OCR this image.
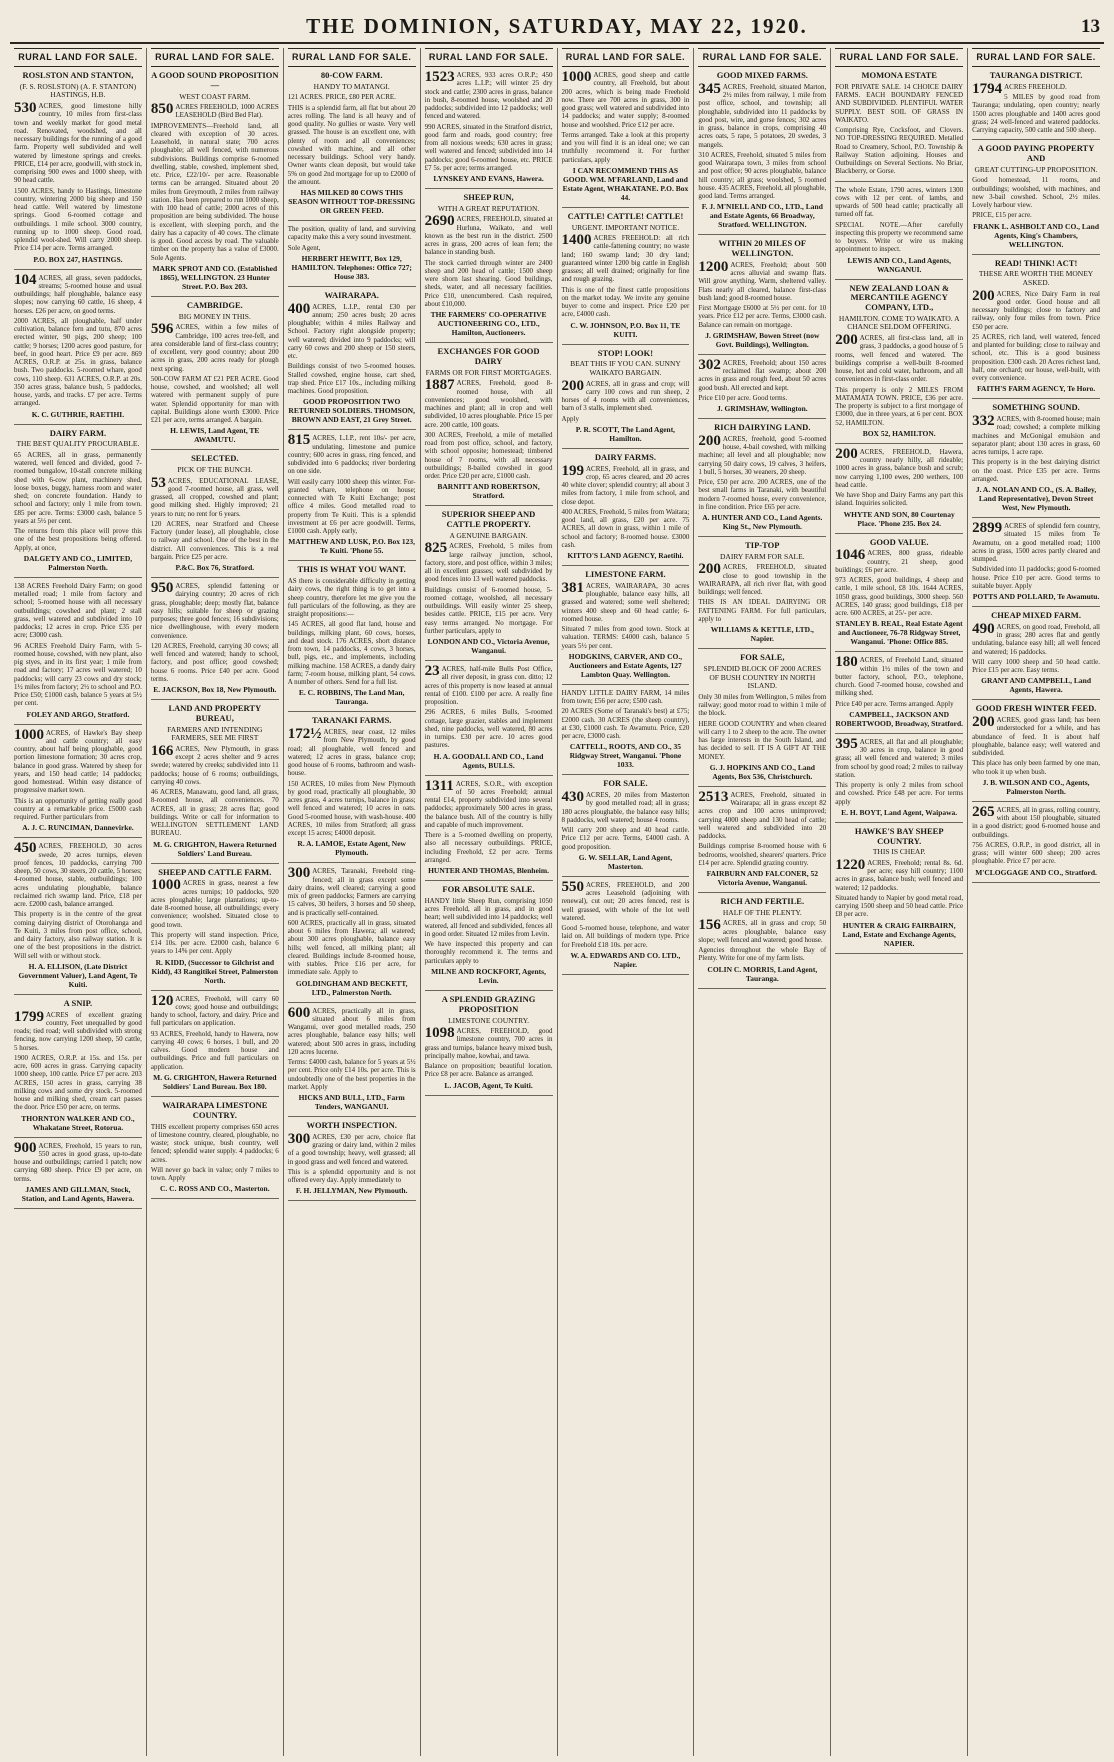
THE DOMINION, SATURDAY, MAY 22, 1920.	13
RURAL LAND FOR SALE.
ROSLSTON AND STANTON,
(F. S. ROSLSTON) (A. F. STANTON) HASTINGS, H.B.
530 ACRES, good limestone hilly country, 10 miles from first-class town and weekly market for good metal road. Renovated, woodshed, and all necessary buildings for the running of a good farm. Property well subdivided and well watered by limestone springs and creeks. PRICE, £14 per acre, goodwill, with stock in, comprising 900 ewes and 1000 sheep, with 90 head cattle.
1500 ACRES, handy to Hastings, limestone country, wintering 2000 big sheep and 150 head cattle. Well watered by limestone springs. Good 6-roomed cottage and outbuildings. 1 mile school. 3000 country, running up to 1000 sheep. Good road, splendid wool-shed. Will carry 2000 sheep. Price £14 per acre. Terms arranged.
P.O. BOX 247, HASTINGS.
104 ACRES, all grass, seven paddocks, streams; 5-roomed house and usual outbuildings; half ploughable, balance easy slopes; now carrying 60 cattle, 16 sheep, 4 horses. £26 per acre, on good terms.
2000 ACRES, all ploughable, half under cultivation, balance fern and tutu, 870 acres erected winter, 90 pigs, 200 sheep; 100 cattle; 9 horses; 1200 acres good pasture, for beef, in good heart. Price £9 per acre. 869 ACRES, O.R.P. at 25s. in grass, balance bush. Two paddocks. 5-roomed whare, good cows, 110 sheep. 631 ACRES, O.R.P. at 20s. 350 acres grass, balance bush, 5 paddocks, house, yards, and tracks. £7 per acre. Terms arranged.
K. C. GUTHRIE, RAETIHI.
DAIRY FARM.
THE BEST QUALITY PROCURABLE.
65 ACRES, all in grass, permanently watered, well fenced and divided, good 7-roomed bungalow, 10-stall concrete milking shed with 6-cow plant, machinery shed, loose boxes, buggy, harness room and water shed; on concrete foundation. Handy to school and factory; only 1 mile from town. £85 per acre. Terms: £3000 cash, balance 5 years at 5½ per cent.
The returns from this place will prove this one of the best propositions being offered. Apply, at once,
DALGETY AND CO., LIMITED, Palmerston North.
138 ACRES Freehold Dairy Farm; on good metalled road; 1 mile from factory and school; 5-roomed house with all necessary outbuildings; cowshed and plant; 2 stall grass, well watered and subdivided into 10 paddocks; 12 acres in crop. Price £35 per acre; £3000 cash.
96 ACRES Freehold Dairy Farm, with 5-roomed house, cowshed, with new plant, also pig styes, and in its first year; 1 mile from road and factory; 17 acres well watered; 10 paddocks; will carry 23 cows and dry stock; 1½ miles from factory; 2½ to school and P.O. Price £50; £1000 cash, balance 5 years at 5½ per cent.
FOLEY AND ARGO, Stratford.
1000 ACRES, of Hawke's Bay sheep and cattle country; all easy country, about half being ploughable, good portion limestone formation; 30 acres crop, balance in good grass. Watered by sheep for years, and 150 head cattle; 14 paddocks; good homestead. Within easy distance of progressive market town.
This is an opportunity of getting really good country at a remarkable price. £5000 cash required. Further particulars from
A. J. C. RUNCIMAN, Dannevirke.
450 ACRES, FREEHOLD, 30 acres swede, 20 acres turnips, eleven proof fences, 10 paddocks, carrying 700 sheep, 50 cows, 30 steers, 20 cattle, 5 horses; 4-roomed house, stable, outbuildings; 100 acres undulating ploughable, balance reclaimed rich swamp land. Price, £18 per acre. £2000 cash, balance arranged.
This property is in the centre of the great coming dairying district of Otorohanga and Te Kuiti, 3 miles from post office, school, and dairy factory, also railway station. It is one of the best propositions in the district. Will sell with or without stock.
H. A. ELLISON, (Late District Government Valuer), Land Agent, Te Kuiti.
A SNIP.
1799 ACRES of excellent grazing country, Feet unequalled by good roads; tied road; well subdivided with strong fencing, now carrying 1200 sheep, 50 cattle, 5 horses.
1900 ACRES, O.R.P. at 15s. and 15s. per acre, 600 acres in grass. Carrying capacity 1000 sheep, 100 cattle. Price £7 per acre. 203 ACRES, 150 acres in grass, carrying 38 milking cows and some dry stock. 5-roomed house and milking shed, cream cart passes the door. Price £50 per acre, on terms.
THORNTON WALKER AND CO., Whakatane Street, Rotorua.
900 ACRES, Freehold, 15 years to run, 550 acres in good grass, up-to-date house and outbuildings; carried 1 patch; now carrying 680 sheep. Price £9 per acre, on terms.
JAMES AND GILLMAN, Stock, Station, and Land Agents, Hawera.
RURAL LAND FOR SALE.
A GOOD SOUND PROPOSITION—
WEST COAST FARM.
850 ACRES FREEHOLD, 1000 ACRES LEASEHOLD (Bird Bed Flat).
IMPROVEMENTS—Freehold land, all cleared with exception of 30 acres. Leasehold, in natural state; 700 acres ploughable; all well fenced, with numerous subdivisions. Buildings comprise 6-roomed dwelling, stable, cowshed, implement shed, etc. Price, £22/10/- per acre. Reasonable terms can be arranged. Situated about 20 miles from Greymouth, 2 miles from railway station. Has been prepared to run 1000 sheep, with 100 head of cattle; 2000 acres of this proposition are being subdivided. The house is excellent, with sleeping porch, and the dairy has a capacity of 40 cows. The climate is good. Good access by road. The valuable timber on the property has a value of £3000. Sole Agents.
MARK SPROT AND CO. (Established 1865), WELLINGTON. 23 Hunter Street. P.O. Box 203.
CAMBRIDGE.
BIG MONEY IN THIS.
596 ACRES, within a few miles of Cambridge, 100 acres tree-fell, and area considerable land of first-class country; of excellent, very good country; about 200 acres in grass, 200 acres ready for plough next spring.
500-COW FARM AT £21 PER ACRE. Good house, cowshed, and woolshed; all well watered with permanent supply of pure water. Splendid opportunity for man with capital. Buildings alone worth £3000. Price £21 per acre, terms arranged. A bargain.
H. LEWIS, Land Agent, TE AWAMUTU.
SELECTED.
PICK OF THE BUNCH.
53 ACRES, EDUCATIONAL LEASE, good 7-roomed house, all grass, well grassed, all cropped, cowshed and plant; good milking shed. Highly improved; 21 years to run; no rent for 6 years.
120 ACRES, near Stratford and Cheese Factory (under lease), all ploughable, close to railway and school. One of the best in the district. All conveniences. This is a real bargain. Price £25 per acre.
P.&C. Box 76, Stratford.
950 ACRES, splendid fattening or dairying country; 20 acres of rich grass, ploughable; deep; mostly flat, balance easy hills; suitable for sheep or grazing purposes; three good fences; 16 subdivisions; nice dwellinghouse, with every modern convenience.
120 ACRES, Freehold, carrying 30 cows; all well fenced and watered; handy to school, factory, and post office; good cowshed; house 6 rooms. Price £40 per acre. Good terms.
E. JACKSON, Box 18, New Plymouth.
LAND AND PROPERTY BUREAU,
FARMERS AND INTENDING FARMERS, SEE ME FIRST
166 ACRES, New Plymouth, in grass except 2 acres shelter and 9 acres swede; watered by creeks; subdivided into 11 paddocks; house of 6 rooms; outbuildings, carrying 40 cows.
46 ACRES, Manawatu, good land, all grass, 8-roomed house, all conveniences. 70 ACRES, all in grass; 28 acres flat; good buildings. Write or call for information to WELLINGTON SETTLEMENT LAND BUREAU.
M. G. CRIGHTON, Hawera Returned Soldiers' Land Bureau.
SHEEP AND CATTLE FARM.
1000 ACRES in grass, nearest a few acres turnips; 10 paddocks, 920 acres ploughable; large plantations; up-to-date 8-roomed house, all outbuildings; every convenience; woolshed. Situated close to good town.
This property will stand inspection. Price, £14 10s. per acre. £2000 cash, balance 6 years to 14% per cent. Apply
R. KIDD, (Successor to Gilchrist and Kidd), 43 Rangitikei Street, Palmerston North.
120 ACRES, Freehold, will carry 60 cows; good house and outbuildings; handy to school, factory, and dairy. Price and full particulars on application.
93 ACRES, Freehold, handy to Hawera, now carrying 40 cows; 6 horses, 1 bull, and 20 calves. Good modern house and outbuildings. Price and full particulars on application.
M. G. CRIGHTON, Hawera Returned Soldiers' Land Bureau. Box 180.
WAIRARAPA LIMESTONE COUNTRY.
THIS excellent property comprises 650 acres of limestone country, cleared, ploughable, no waste; stock unique, bush country, well fenced; splendid water supply. 4 paddocks; 6 acres.
Will never go back in value; only 7 miles to town. Apply
C. C. ROSS AND CO., Masterton.
RURAL LAND FOR SALE.
80-COW FARM.
HANDY TO MATANGI.
121 ACRES. PRICE, £80 PER ACRE.
THIS is a splendid farm, all flat but about 20 acres rolling. The land is all heavy and of good quality. No gullies or waste. Very well grassed. The house is an excellent one, with plenty of room and all conveniences; cowshed with machine, and all other necessary buildings. School very handy. Owner wants clean deposit, but would take 5% on good 2nd mortgage for up to £2000 of the amount.
HAS MILKED 80 COWS THIS SEASON WITHOUT TOP-DRESSING OR GREEN FEED.
The position, quality of land, and surviving capacity make this a very sound investment.
Sole Agent,
HERBERT HEWITT, Box 129, HAMILTON. Telephones: Office 727; House 383.
WAIRARAPA.
400 ACRES, L.I.P., rental £30 per annum; 250 acres bush; 20 acres ploughable; within 4 miles Railway and School. Factory right alongside property; well watered; divided into 9 paddocks; will carry 60 cows and 200 sheep or 150 steers, etc.
Buildings consist of two 5-roomed houses. Stalled cowshed, engine house, cart shed, trap shed. Price £17 10s., including milking machines. Good proposition.
GOOD PROPOSITION TWO RETURNED SOLDIERS. THOMSON, BROWN AND EAST, 21 Grey Street.
815 ACRES, L.I.P., rent 10s/- per acre, undulating, limestone and pumice country; 600 acres in grass, ring fenced, and subdivided into 6 paddocks; river bordering on one side.
Will easily carry 1000 sheep this winter. For-granted whare, telephone on house; connected with Te Kuiti Exchange; post office 4 miles. Good metalled road to property from Te Kuiti. This is a splendid investment at £6 per acre goodwill. Terms, £1000 cash. Apply early,
MATTHEW AND LUSK, P.O. Box 123, Te Kuiti. 'Phone 55.
THIS IS WHAT YOU WANT.
AS there is considerable difficulty in getting dairy cows, the right thing is to get into a sheep country, therefore let me give you the full particulars of the following, as they are straight propositions:—
145 ACRES, all good flat land, house and buildings, milking plant, 60 cows, horses, and dead stock. 176 ACRES, short distance from town, 14 paddocks, 4 cows, 3 horses, bull, pigs, etc., and implements, including milking machine. 158 ACRES, a dandy dairy farm; 7-room house, milking plant, 54 cows. A number of others. Send for a full list.
E. C. ROBBINS, The Land Man, Tauranga.
TARANAKI FARMS.
172½ ACRES, near coast, 12 miles from New Plymouth, by good road; all ploughable, well fenced and watered; 12 acres in grass, balance crop; good house of 6 rooms, bathroom and wash-house.
150 ACRES, 10 miles from New Plymouth by good road, practically all ploughable, 30 acres grass, 4 acres turnips, balance in grass; well fenced and watered; 10 acres in oats. Good 5-roomed house, with wash-house. 400 ACRES, 10 miles from Stratford; all grass except 15 acres; £4000 deposit.
R. A. LAMOE, Estate Agent, New Plymouth.
300 ACRES, Taranaki, Freehold ring-fenced; all in grass except some dairy drains, well cleared; carrying a good mix of green paddocks; Farmers are carrying 15 calves, 30 heifers, 3 horses and 50 sheep, and is practically self-contained.
600 ACRES, practically all in grass, situated about 6 miles from Hawera; all watered; about 300 acres ploughable, balance easy hills; well fenced, all milking plant; all cleared. Buildings include 8-roomed house, with stables. Price £16 per acre, for immediate sale. Apply to
GOLDINGHAM AND BECKETT, LTD., Palmerston North.
600 ACRES, practically all in grass, situated about 6 miles from Wanganui, over good metalled roads, 250 acres ploughable, balance easy hills; well watered; about 500 acres in grass, including 120 acres lucerne.
Terms: £4000 cash, balance for 5 years at 5½ per cent. Price only £14 10s. per acre. This is undoubtedly one of the best properties in the market. Apply
HICKS AND BULL, LTD., Farm Tenders, WANGANUI.
WORTH INSPECTION.
300 ACRES, £30 per acre, choice flat grazing or dairy land, within 2 miles of a good township; heavy, well grassed; all in good grass and well fenced and watered.
This is a splendid opportunity and is not offered every day. Apply immediately to
F. H. JELLYMAN, New Plymouth.
RURAL LAND FOR SALE.
1523 ACRES, 933 acres O.R.P.; 450 acres L.I.P.; will winter 25 dry stock and cattle; 2300 acres in grass, balance in bush, 8-roomed house, woolshed and 20 paddocks; subdivided into 12 paddocks; well fenced and watered.
990 ACRES, situated in the Stratford district, good farm and roads, good country; free from all noxious weeds; 630 acres in grass; well watered and fenced; subdivided into 14 paddocks; good 6-roomed house, etc. PRICE £7 5s. per acre; terms arranged.
LYNSKEY AND EVANS, Hawera.
SHEEP RUN,
WITH A GREAT REPUTATION.
2690 ACRES, FREEHOLD, situated at Hurluna, Waikato, and well known as the best run in the district. 2500 acres in grass, 200 acres of lean fern; the balance in standing bush.
The stock carried through winter are 2400 sheep and 200 head of cattle; 1500 sheep were shorn last shearing. Good buildings, sheds, water, and all necessary facilities. Price £10, unencumbered. Cash required, about £10,000.
THE FARMERS' CO-OPERATIVE AUCTIONEERING CO., LTD., Hamilton, Auctioneers.
EXCHANGES FOR GOOD DAIRY
FARMS OR FOR FIRST MORTGAGES.
1887 ACRES, Freehold, good 8-roomed house, with all conveniences; good woolshed, with machines and plant; all in crop and well subdivided, 10 acres ploughable. Price 15 per acre. 200 cattle, 100 goats.
300 ACRES, Freehold, a mile of metalled road from post office, school, and factory, with school opposite; homestead; timbered house of 7 rooms, with all necessary outbuildings; 8-bailed cowshed in good order. Price £20 per acre, £1000 cash.
BARNITT AND ROBERTSON, Stratford.
SUPERIOR SHEEP AND CATTLE PROPERTY.
A GENUINE BARGAIN.
825 ACRES, Freehold, 5 miles from large railway junction, school, factory, store, and post office, within 3 miles; all in excellent grasses; well subdivided by good fences into 13 well watered paddocks.
Buildings consist of 6-roomed house, 5-roomed cottage, woolshed, all necessary outbuildings. Will easily winter 25 sheep, besides cattle. PRICE, £15 per acre. Very easy terms arranged. No mortgage. For further particulars, apply to
LONDON AND CO., Victoria Avenue, Wanganui.
23 ACRES, half-mile Bulls Post Office, all river deposit, in grass con. ditto; 12 acres of this property is now leased at annual rental of £100. £100 per acre. A really fine proposition.
296 ACRES, 6 miles Bulls, 5-roomed cottage, large grazier, stables and implement shed, nine paddocks, well watered, 80 acres in turnips. £30 per acre. 10 acres good pastures.
H. A. GOODALL AND CO., Land Agents, BULLS.
1311 ACRES, S.O.R., with exception of 50 acres Freehold; annual rental £14, property subdivided into several paddocks; approximately 500 acres in grass, the balance bush. All of the country is hilly and capable of much improvement.
There is a 5-roomed dwelling on property, also all necessary outbuildings. PRICE, including Freehold, £2 per acre. Terms arranged.
HUNTER AND THOMAS, Blenheim.
FOR ABSOLUTE SALE.
HANDY little Sheep Run, comprising 1050 acres Freehold, all in grass, and in good heart; well subdivided into 14 paddocks; well watered, all fenced and subdivided, fences all in good order. Situated 12 miles from Levin.
We have inspected this property and can thoroughly recommend it. The terms and particulars apply to
MILNE AND ROCKFORT, Agents, Levin.
A SPLENDID GRAZING PROPOSITION
LIMESTONE COUNTRY.
1098 ACRES, FREEHOLD, good limestone country, 700 acres in grass and turnips, balance heavy mixed bush, principally mahoe, kowhai, and tawa.
Balance on proposition; beautiful location. Price £8 per acre. Balance as arranged.
L. JACOB, Agent, Te Kuiti.
RURAL LAND FOR SALE.
1000 ACRES, good sheep and cattle country, all Freehold, but about 200 acres, which is being made Freehold now. There are 700 acres in grass, 300 in good grass; well watered and subdivided into 14 paddocks; and water supply; 8-roomed house and woolshed. Price £12 per acre.
Terms arranged. Take a look at this property and you will find it is an ideal one; we can truthfully recommend it. For further particulars, apply
I CAN RECOMMEND THIS AS GOOD. WM. M'FARLAND, Land and Estate Agent, WHAKATANE. P.O. Box 44.
CATTLE! CATTLE! CATTLE!
URGENT. IMPORTANT NOTICE.
1400 ACRES FREEHOLD: all rich cattle-fattening country; no waste land; 160 swamp land; 30 dry land; guaranteed winter 1200 big cattle in English grasses; all well drained; originally for fine and rough grazing.
This is one of the finest cattle propositions on the market today. We invite any genuine buyer to come and inspect. Price £20 per acre, £4000 cash.
C. W. JOHNSON, P.O. Box 11, TE KUITI.
STOP! LOOK!
BEAT THIS IF YOU CAN. SUNNY WAIKATO BARGAIN.
200 ACRES, all in grass and crop; will carry 100 cows and run sheep, 2 horses of 4 rooms with all conveniences, barn of 3 stalls, implement shed.
Apply
P. R. SCOTT, The Land Agent, Hamilton.
DAIRY FARMS.
199 ACRES, Freehold, all in grass, and crop, 65 acres cleared, and 20 acres 40 white clover; splendid country; all about 3 miles from factory, 1 mile from school, and close depot.
400 ACRES, Freehold, 5 miles from Waitara; good land, all grass, £20 per acre. 75 ACRES, all down in grass, within 1 mile of school and factory; 8-roomed house. £3000 cash.
KITTO'S LAND AGENCY, Raetihi.
LIMESTONE FARM.
381 ACRES, WAIRARAPA, 30 acres ploughable, balance easy hills, all grassed and watered; some well sheltered; winters 400 sheep and 60 head cattle; 6-roomed house.
Situated 7 miles from good town. Stock at valuation. TERMS: £4000 cash, balance 5 years 5½ per cent.
HODGKINS, CARVER, AND CO., Auctioneers and Estate Agents, 127 Lambton Quay. Wellington.
HANDY LITTLE DAIRY FARM, 14 miles from town; £56 per acre; £500 cash.
20 ACRES (Some of Taranaki's best) at £75; £2000 cash. 30 ACRES (the sheep country), at £30, £1000 cash. Te Awamutu. Price, £20 per acre, £3000 cash.
CATTELL, ROOTS, AND CO., 35 Ridgway Street, Wanganui. 'Phone 1033.
FOR SALE.
430 ACRES, 20 miles from Masterton by good metalled road; all in grass; 180 acres ploughable, the balance easy hills; 8 paddocks, well watered; house 4 rooms.
Will carry 200 sheep and 40 head cattle. Price £12 per acre. Terms, £4000 cash. A good proposition.
G. W. SELLAR, Land Agent, Masterton.
550 ACRES, FREEHOLD, and 200 acres Leasehold (adjoining with renewal), cut out; 20 acres fenced, rest is well grassed, with whole of the lot well watered.
Good 5-roomed house, telephone, and water laid on. All buildings of modern type. Price for Freehold £18 10s. per acre.
W. A. EDWARDS AND CO. LTD., Napier.
RURAL LAND FOR SALE.
GOOD MIXED FARMS.
345 ACRES, Freehold, situated Marton, 2½ miles from railway, 1 mile from post office, school, and township; all ploughable, subdivided into 11 paddocks by good post, wire, and gorse fences; 302 acres in grass, balance in crops, comprising 40 acres oats, 5 rape, 5 potatoes, 20 swedes, 3 mangels.
310 ACRES, Freehold, situated 5 miles from good Wairarapa town, 3 miles from school and post office; 90 acres ploughable, balance hill country; all grass; woolshed, 5 roomed house. 435 ACRES, Freehold, all ploughable, good land. Terms arranged.
F. J. M'NIELL AND CO., LTD., Land and Estate Agents, 66 Broadway, Stratford. WELLINGTON.
WITHIN 20 MILES OF WELLINGTON.
1200 ACRES, Freehold; about 500 acres alluvial and swamp flats. Will grow anything. Warm, sheltered valley. Flats nearly all cleared, balance first-class bush land; good 8-roomed house.
First Mortgage £6000 at 5½ per cent. for 10 years. Price £12 per acre. Terms, £3000 cash. Balance can remain on mortgage.
J. GRIMSHAW, Bowen Street (now Govt. Buildings), Wellington.
302 ACRES, Freehold; about 150 acres reclaimed flat swamp; about 200 acres in grass and rough feed, about 50 acres good bush. All erected and kept.
Price £10 per acre. Good terms.
J. GRIMSHAW, Wellington.
RICH DAIRYING LAND.
200 ACRES, freehold, good 5-roomed house, 4-bail cowshed, with milking machine; all level and all ploughable; now carrying 50 dairy cows, 19 calves, 3 heifers, 1 bull, 5 horses, 30 weaners, 20 sheep.
Price, £50 per acre. 200 ACRES, one of the best small farms in Taranaki, with beautiful modern 7-roomed house, every convenience, in fine condition. Price £65 per acre.
A. HUNTER AND CO., Land Agents. King St., New Plymouth.
TIP-TOP
DAIRY FARM FOR SALE.
200 ACRES, FREEHOLD, situated close to good township in the WAIRARAPA, all rich river flat, with good buildings; well fenced.
THIS IS AN IDEAL DAIRYING OR FATTENING FARM. For full particulars, apply to
WILLIAMS & KETTLE, LTD., Napier.
FOR SALE,
SPLENDID BLOCK OF 2000 ACRES OF BUSH COUNTRY IN NORTH ISLAND.
Only 30 miles from Wellington, 5 miles from railway; good motor road to within 1 mile of the block.
HERE GOOD COUNTRY and when cleared will carry 1 to 2 sheep to the acre. The owner has large interests in the South Island, and has decided to sell. IT IS A GIFT AT THE MONEY.
G. J. HOPKINS AND CO., Land Agents, Box 536, Christchurch.
2513 ACRES, Freehold, situated in Wairarapa; all in grass except 82 acres crop and 100 acres unimproved; carrying 4000 sheep and 130 head of cattle; well watered and subdivided into 20 paddocks.
Buildings comprise 8-roomed house with 6 bedrooms, woolshed, shearers' quarters. Price £14 per acre. Splendid grazing country.
FAIRBURN AND FALCONER, 52 Victoria Avenue, Wanganui.
RICH AND FERTILE.
HALF OF THE PLENTY.
156 ACRES, all in grass and crop; 50 acres ploughable, balance easy slope; well fenced and watered; good house.
Agencies throughout the whole Bay of Plenty. Write for one of my farm lists.
COLIN C. MORRIS, Land Agent, Tauranga.
RURAL LAND FOR SALE.
MOMONA ESTATE
FOR PRIVATE SALE. 14 CHOICE DAIRY FARMS. EACH BOUNDARY FENCED AND SUBDIVIDED. PLENTIFUL WATER SUPPLY. BEST SOIL OF GRASS IN WAIKATO.
Comprising Rye, Cocksfoot, and Clovers. NO TOP-DRESSING REQUIRED. Metalled Road to Creamery, School, P.O. Township & Railway Station adjoining. Houses and Outbuildings on Several Sections. No Briar, Blackberry, or Gorse.
The whole Estate, 1790 acres, winters 1300 cows with 12 per cent. of lambs, and upwards of 500 head cattle; practically all turned off fat.
SPECIAL NOTE.—After carefully inspecting this property we recommend same to buyers. Write or wire us making appointment to inspect.
LEWIS AND CO., Land Agents, WANGANUI.
NEW ZEALAND LOAN & MERCANTILE AGENCY COMPANY, LTD.,
HAMILTON. COME TO WAIKATO. A CHANCE SELDOM OFFERING.
200 ACRES, all first-class land, all in grass, 3 paddocks, a good house of 5 rooms, well fenced and watered. The buildings comprise a well-built 8-roomed house, hot and cold water, bathroom, and all conveniences in first-class order.
This property is only 2 MILES FROM MATAMATA TOWN. PRICE, £36 per acre. The property is subject to a first mortgage of £3000, due in three years, at 6 per cent. BOX 52, HAMILTON.
BOX 52, HAMILTON.
200 ACRES, FREEHOLD, Hawera, country nearly hilly, all rideable; 1000 acres in grass, balance bush and scrub; now carrying 1,100 ewes, 200 wethers, 100 head cattle.
We have Shop and Dairy Farms any part this island. Inquiries solicited.
WHYTE AND SON, 80 Courtenay Place. 'Phone 235. Box 24.
GOOD VALUE.
1046 ACRES, 800 grass, rideable country, 21 sheep, good buildings; £6 per acre.
973 ACRES, good buildings, 4 sheep and cattle, 1 mile school, £8 10s. 1644 ACRES, 1050 grass, good buildings, 3000 sheep. 560 ACRES, 140 grass; good buildings, £18 per acre. 600 ACRES, at 25/- per acre.
STANLEY B. REAL, Real Estate Agent and Auctioneer, 76-78 Ridgway Street, Wanganui. 'Phone: Office 885.
180 ACRES, of Freehold Land, situated within 1½ miles of the town and butter factory, school, P.O., telephone, church. Good 7-roomed house, cowshed and milking shed.
Price £40 per acre. Terms arranged. Apply
CAMPBELL, JACKSON AND ROBERTWOOD, Broadway, Stratford.
395 ACRES, all flat and all ploughable; 30 acres in crop, balance in good grass; all well fenced and watered; 3 miles from school by good road; 2 miles to railway station.
This property is only 2 miles from school and cowshed. Price £48 per acre. For terms apply
E. H. BOYT, Land Agent, Waipawa.
HAWKE'S BAY SHEEP COUNTRY.
THIS IS CHEAP.
1220 ACRES, Freehold; rental 8s. 6d. per acre; easy hill country; 1100 acres in grass, balance bush; well fenced and watered; 12 paddocks.
Situated handy to Napier by good metal road, carrying 1500 sheep and 50 head cattle. Price £8 per acre.
HUNTER & CRAIG FAIRBAIRN, Land, Estate and Exchange Agents, NAPIER.
RURAL LAND FOR SALE.
TAURANGA DISTRICT.
1794 ACRES FREEHOLD.
5 MILES by good road from Tauranga; undulating, open country; nearly 1500 acres ploughable and 1400 acres good grass; 24 well-fenced and watered paddocks. Carrying capacity, 500 cattle and 500 sheep.
A GOOD PAYING PROPERTY AND
GREAT CUTTING-UP PROPOSITION.
Good homestead, 11 rooms, and outbuildings; woolshed, with machines, and new 3-bail cowshed. School, 2½ miles. Lovely harbour view.
PRICE, £15 per acre.
FRANK L. ASHBOLT AND CO., Land Agents, King's Chambers, WELLINGTON.
READ! THINK! ACT!
THESE ARE WORTH THE MONEY ASKED.
200 ACRES, Nice Dairy Farm in real good order. Good house and all necessary buildings; close to factory and railway, only four miles from town. Price £50 per acre.
25 ACRES, rich land, well watered, fenced and planted for building; close to railway and school, etc. This is a good business proposition. £300 cash. 20 Acres richest land, half, one orchard; our house, well-built, with every convenience.
FAITH'S FARM AGENCY, Te Horo.
SOMETHING SOUND.
332 ACRES, with 8-roomed house; main road; cowshed; a complete milking machines and McGonigal emulsion and separator plant; about 130 acres in grass, 60 acres turnips, 1 acre rape.
This property is in the best dairying district on the coast. Price £35 per acre. Terms arranged.
J. A. NOLAN AND CO., (S. A. Bailey, Land Representative), Devon Street West, New Plymouth.
2899 ACRES of splendid fern country, situated 15 miles from Te Awamutu, on a good metalled road; 1100 acres in grass, 1500 acres partly cleared and stumped.
Subdivided into 11 paddocks; good 6-roomed house. Price £10 per acre. Good terms to suitable buyer. Apply
POTTS AND POLLARD, Te Awamutu.
CHEAP MIXED FARM.
490 ACRES, on good road, Freehold, all in grass; 280 acres flat and gently undulating, balance easy hill; all well fenced and watered; 16 paddocks.
Will carry 1000 sheep and 50 head cattle. Price £15 per acre. Easy terms.
GRANT AND CAMPBELL, Land Agents, Hawera.
GOOD FRESH WINTER FEED.
200 ACRES, good grass land; has been understocked for a while, and has abundance of feed. It is about half ploughable, balance easy; well watered and subdivided.
This place has only been farmed by one man, who took it up when bush.
J. B. WILSON AND CO., Agents, Palmerston North.
265 ACRES, all in grass, rolling country, with about 150 ploughable, situated in a good district; good 6-roomed house and outbuildings.
756 ACRES, O.R.P., in good district, all in grass; will winter 600 sheep; 200 acres ploughable. Price £7 per acre.
M'CLOGGAGE AND CO., Stratford.
